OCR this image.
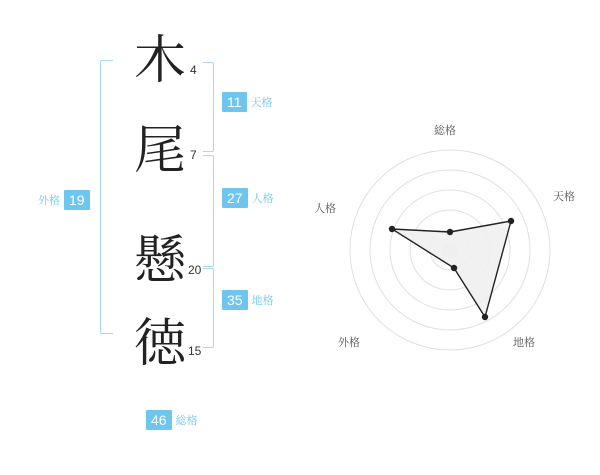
外格 19
木 4
尾 7
懸 20
徳 15
11 天格
27 人格
35 地格
46 総格
総格
天格
地格
外格
人格
